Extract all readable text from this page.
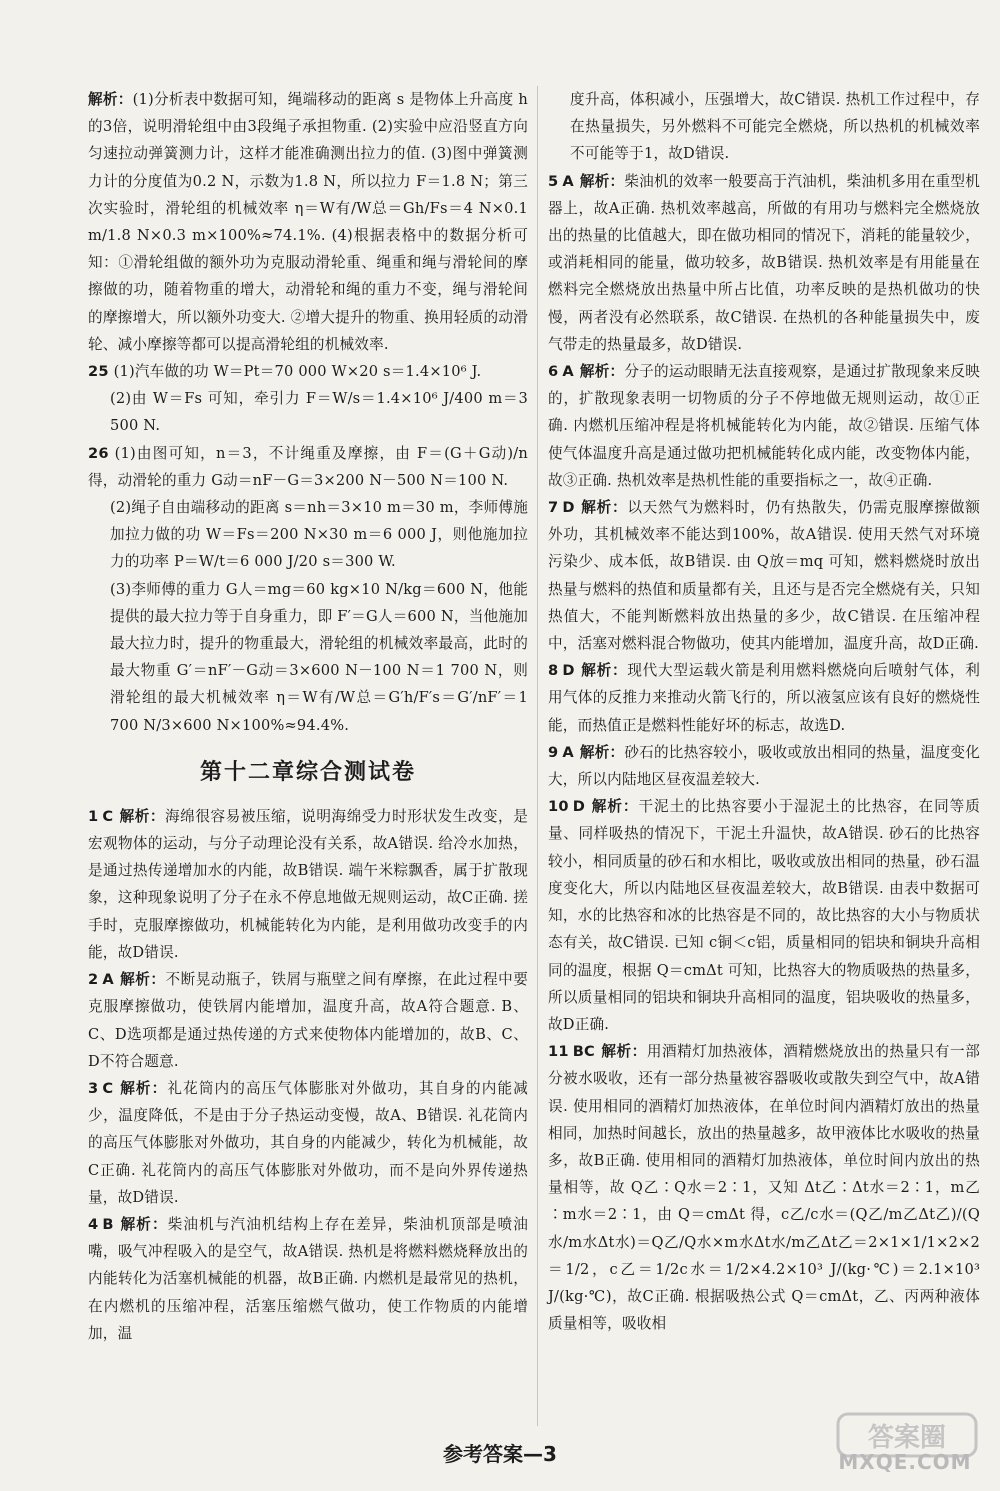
解析：(1)分析表中数据可知，绳端移动的距离 s 是物体上升高度 h 的3倍，说明滑轮组中由3段绳子承担物重. (2)实验中应沿竖直方向匀速拉动弹簧测力计，这样才能准确测出拉力的值. (3)图中弹簧测力计的分度值为0.2 N，示数为1.8 N，所以拉力 F＝1.8 N；第三次实验时，滑轮组的机械效率 η＝W有/W总＝Gh/Fs＝4 N×0.1 m/1.8 N×0.3 m×100%≈74.1%. (4)根据表格中的数据分析可知：①滑轮组做的额外功为克服动滑轮重、绳重和绳与滑轮间的摩擦做的功，随着物重的增大，动滑轮和绳的重力不变，绳与滑轮间的摩擦增大，所以额外功变大. ②增大提升的物重、换用轻质的动滑轮、减小摩擦等都可以提高滑轮组的机械效率.

25 (1)汽车做的功 W＝Pt＝70 000 W×20 s＝1.4×10⁶ J.

(2)由 W＝Fs 可知，牵引力 F＝W/s＝1.4×10⁶ J/400 m＝3 500 N.

26 (1)由图可知，n＝3，不计绳重及摩擦，由 F＝(G＋G动)/n 得，动滑轮的重力 G动＝nF－G＝3×200 N－500 N＝100 N.

(2)绳子自由端移动的距离 s＝nh＝3×10 m＝30 m，李师傅施加拉力做的功 W＝Fs＝200 N×30 m＝6 000 J，则他施加拉力的功率 P＝W/t＝6 000 J/20 s＝300 W.

(3)李师傅的重力 G人＝mg＝60 kg×10 N/kg＝600 N，他能提供的最大拉力等于自身重力，即 F′＝G人＝600 N，当他施加最大拉力时，提升的物重最大，滑轮组的机械效率最高，此时的最大物重 G′＝nF′－G动＝3×600 N－100 N＝1 700 N，则滑轮组的最大机械效率 η＝W有/W总＝G′h/F′s＝G′/nF′＝1 700 N/3×600 N×100%≈94.4%.

第十二章综合测试卷
1 C 解析：海绵很容易被压缩，说明海绵受力时形状发生改变，是宏观物体的运动，与分子动理论没有关系，故A错误. 给冷水加热，是通过热传递增加水的内能，故B错误. 端午米粽飘香，属于扩散现象，这种现象说明了分子在永不停息地做无规则运动，故C正确. 搓手时，克服摩擦做功，机械能转化为内能，是利用做功改变手的内能，故D错误.
2 A 解析：不断晃动瓶子，铁屑与瓶壁之间有摩擦，在此过程中要克服摩擦做功，使铁屑内能增加，温度升高，故A符合题意. B、C、D选项都是通过热传递的方式来使物体内能增加的，故B、C、D不符合题意.
3 C 解析：礼花筒内的高压气体膨胀对外做功，其自身的内能减少，温度降低，不是由于分子热运动变慢，故A、B错误. 礼花筒内的高压气体膨胀对外做功，其自身的内能减少，转化为机械能，故C正确. 礼花筒内的高压气体膨胀对外做功，而不是向外界传递热量，故D错误.
4 B 解析：柴油机与汽油机结构上存在差异，柴油机顶部是喷油嘴，吸气冲程吸入的是空气，故A错误. 热机是将燃料燃烧释放出的内能转化为活塞机械能的机器，故B正确. 内燃机是最常见的热机，在内燃机的压缩冲程，活塞压缩燃气做功，使工作物质的内能增加，温

度升高，体积减小，压强增大，故C错误. 热机工作过程中，存在热量损失，另外燃料不可能完全燃烧，所以热机的机械效率不可能等于1，故D错误.

5 A 解析：柴油机的效率一般要高于汽油机，柴油机多用在重型机器上，故A正确. 热机效率越高，所做的有用功与燃料完全燃烧放出的热量的比值越大，即在做功相同的情况下，消耗的能量较少，或消耗相同的能量，做功较多，故B错误. 热机效率是有用能量在燃料完全燃烧放出热量中所占比值，功率反映的是热机做功的快慢，两者没有必然联系，故C错误. 在热机的各种能量损失中，废气带走的热量最多，故D错误.
6 A 解析：分子的运动眼睛无法直接观察，是通过扩散现象来反映的，扩散现象表明一切物质的分子不停地做无规则运动，故①正确. 内燃机压缩冲程是将机械能转化为内能，故②错误. 压缩气体使气体温度升高是通过做功把机械能转化成内能，改变物体内能，故③正确. 热机效率是热机性能的重要指标之一，故④正确.
7 D 解析：以天然气为燃料时，仍有热散失，仍需克服摩擦做额外功，其机械效率不能达到100%，故A错误. 使用天然气对环境污染少、成本低，故B错误. 由 Q放＝mq 可知，燃料燃烧时放出热量与燃料的热值和质量都有关，且还与是否完全燃烧有关，只知热值大，不能判断燃料放出热量的多少，故C错误. 在压缩冲程中，活塞对燃料混合物做功，使其内能增加，温度升高，故D正确.
8 D 解析：现代大型运载火箭是利用燃料燃烧向后喷射气体，利用气体的反推力来推动火箭飞行的，所以液氢应该有良好的燃烧性能，而热值正是燃料性能好坏的标志，故选D.
9 A 解析：砂石的比热容较小，吸收或放出相同的热量，温度变化大，所以内陆地区昼夜温差较大.
10 D 解析：干泥土的比热容要小于湿泥土的比热容，在同等质量、同样吸热的情况下，干泥土升温快，故A错误. 砂石的比热容较小，相同质量的砂石和水相比，吸收或放出相同的热量，砂石温度变化大，所以内陆地区昼夜温差较大，故B错误. 由表中数据可知，水的比热容和冰的比热容是不同的，故比热容的大小与物质状态有关，故C错误. 已知 c铜＜c铝，质量相同的铝块和铜块升高相同的温度，根据 Q＝cmΔt 可知，比热容大的物质吸热的热量多，所以质量相同的铝块和铜块升高相同的温度，铝块吸收的热量多，故D正确.
11 BC 解析：用酒精灯加热液体，酒精燃烧放出的热量只有一部分被水吸收，还有一部分热量被容器吸收或散失到空气中，故A错误. 使用相同的酒精灯加热液体，在单位时间内酒精灯放出的热量相同，加热时间越长，放出的热量越多，故甲液体比水吸收的热量多，故B正确. 使用相同的酒精灯加热液体，单位时间内放出的热量相等，故 Q乙∶Q水＝2∶1，又知 Δt乙∶Δt水＝2∶1，m乙∶m水＝2∶1，由 Q＝cmΔt 得，c乙/c水＝(Q乙/m乙Δt乙)/(Q水/m水Δt水)＝Q乙/Q水×m水Δt水/m乙Δt乙＝2×1×1/1×2×2＝1/2，c乙＝1/2c水＝1/2×4.2×10³ J/(kg·℃)＝2.1×10³ J/(kg·℃)，故C正确. 根据吸热公式 Q＝cmΔt，乙、丙两种液体质量相等，吸收相
参考答案—3
答案圈
MXQE.COM
